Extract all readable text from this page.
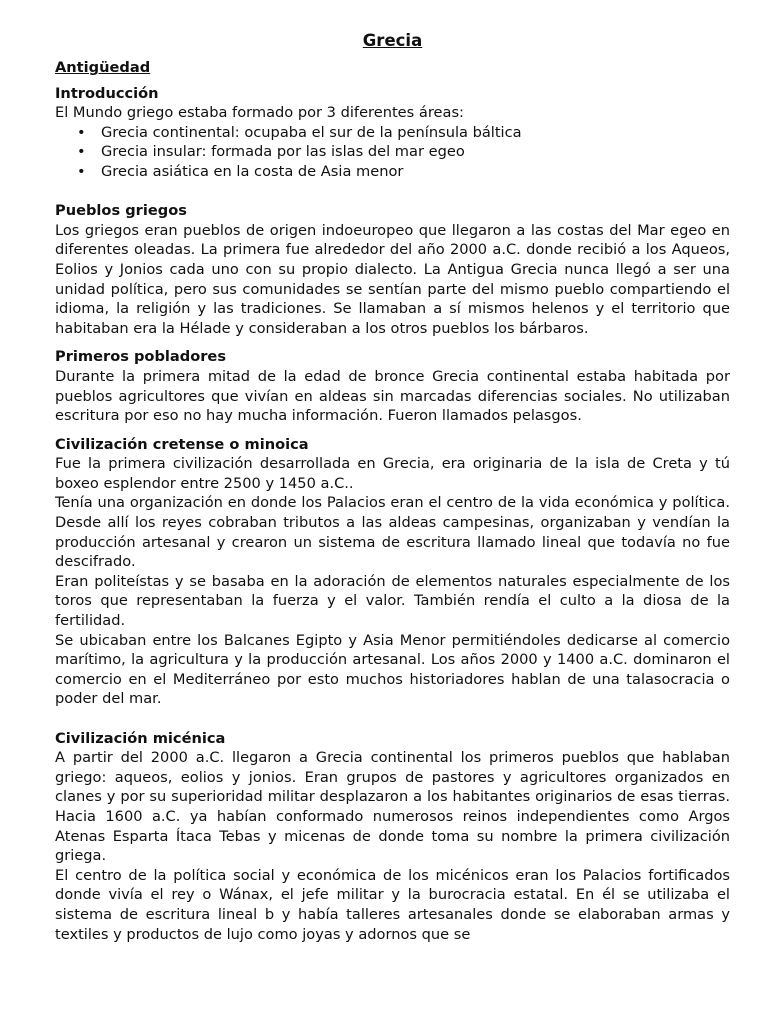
Grecia
Antigüedad
Introducción

El Mundo griego estaba formado por 3 diferentes áreas:

• Grecia continental: ocupaba el sur de la península báltica
• Grecia insular: formada por las islas del mar egeo
• Grecia asiática en la costa de Asia menor
Pueblos griegos

Los griegos eran pueblos de origen indoeuropeo que llegaron a las costas del Mar egeo en diferentes oleadas. La primera fue alrededor del año 2000 a.C. donde recibió a los Aqueos, Eolios y Jonios cada uno con su propio dialecto. La Antigua Grecia nunca llegó a ser una unidad política, pero sus comunidades se sentían parte del mismo pueblo compartiendo el idioma, la religión y las tradiciones. Se llamaban a sí mismos helenos y el territorio que habitaban era la Hélade y consideraban a los otros pueblos los bárbaros.

Primeros pobladores

Durante la primera mitad de la edad de bronce Grecia continental estaba habitada por pueblos agricultores que vivían en aldeas sin marcadas diferencias sociales. No utilizaban escritura por eso no hay mucha información. Fueron llamados pelasgos.

Civilización cretense o minoica

Fue la primera civilización desarrollada en Grecia, era originaria de la isla de Creta y tú boxeo esplendor entre 2500 y 1450 a.C..

Tenía una organización en donde los Palacios eran el centro de la vida económica y política. Desde allí los reyes cobraban tributos a las aldeas campesinas, organizaban y vendían la producción artesanal y crearon un sistema de escritura llamado lineal que todavía no fue descifrado.

Eran politeístas y se basaba en la adoración de elementos naturales especialmente de los toros que representaban la fuerza y el valor. También rendía el culto a la diosa de la fertilidad.

Se ubicaban entre los Balcanes Egipto y Asia Menor permitiéndoles dedicarse al comercio marítimo, la agricultura y la producción artesanal. Los años 2000 y 1400 a.C. dominaron el comercio en el Mediterráneo por esto muchos historiadores hablan de una talasocracia o poder del mar.

Civilización micénica

A partir del 2000 a.C. llegaron a Grecia continental los primeros pueblos que hablaban griego: aqueos, eolios y jonios. Eran grupos de pastores y agricultores organizados en clanes y por su superioridad militar desplazaron a los habitantes originarios de esas tierras. Hacia 1600 a.C. ya habían conformado numerosos reinos independientes como Argos Atenas Esparta Ítaca Tebas y micenas de donde toma su nombre la primera civilización griega.

El centro de la política social y económica de los micénicos eran los Palacios fortificados donde vivía el rey o Wánax, el jefe militar y la burocracia estatal. En él se utilizaba el sistema de escritura lineal b y había talleres artesanales donde se elaboraban armas y textiles y productos de lujo como joyas y adornos que se
